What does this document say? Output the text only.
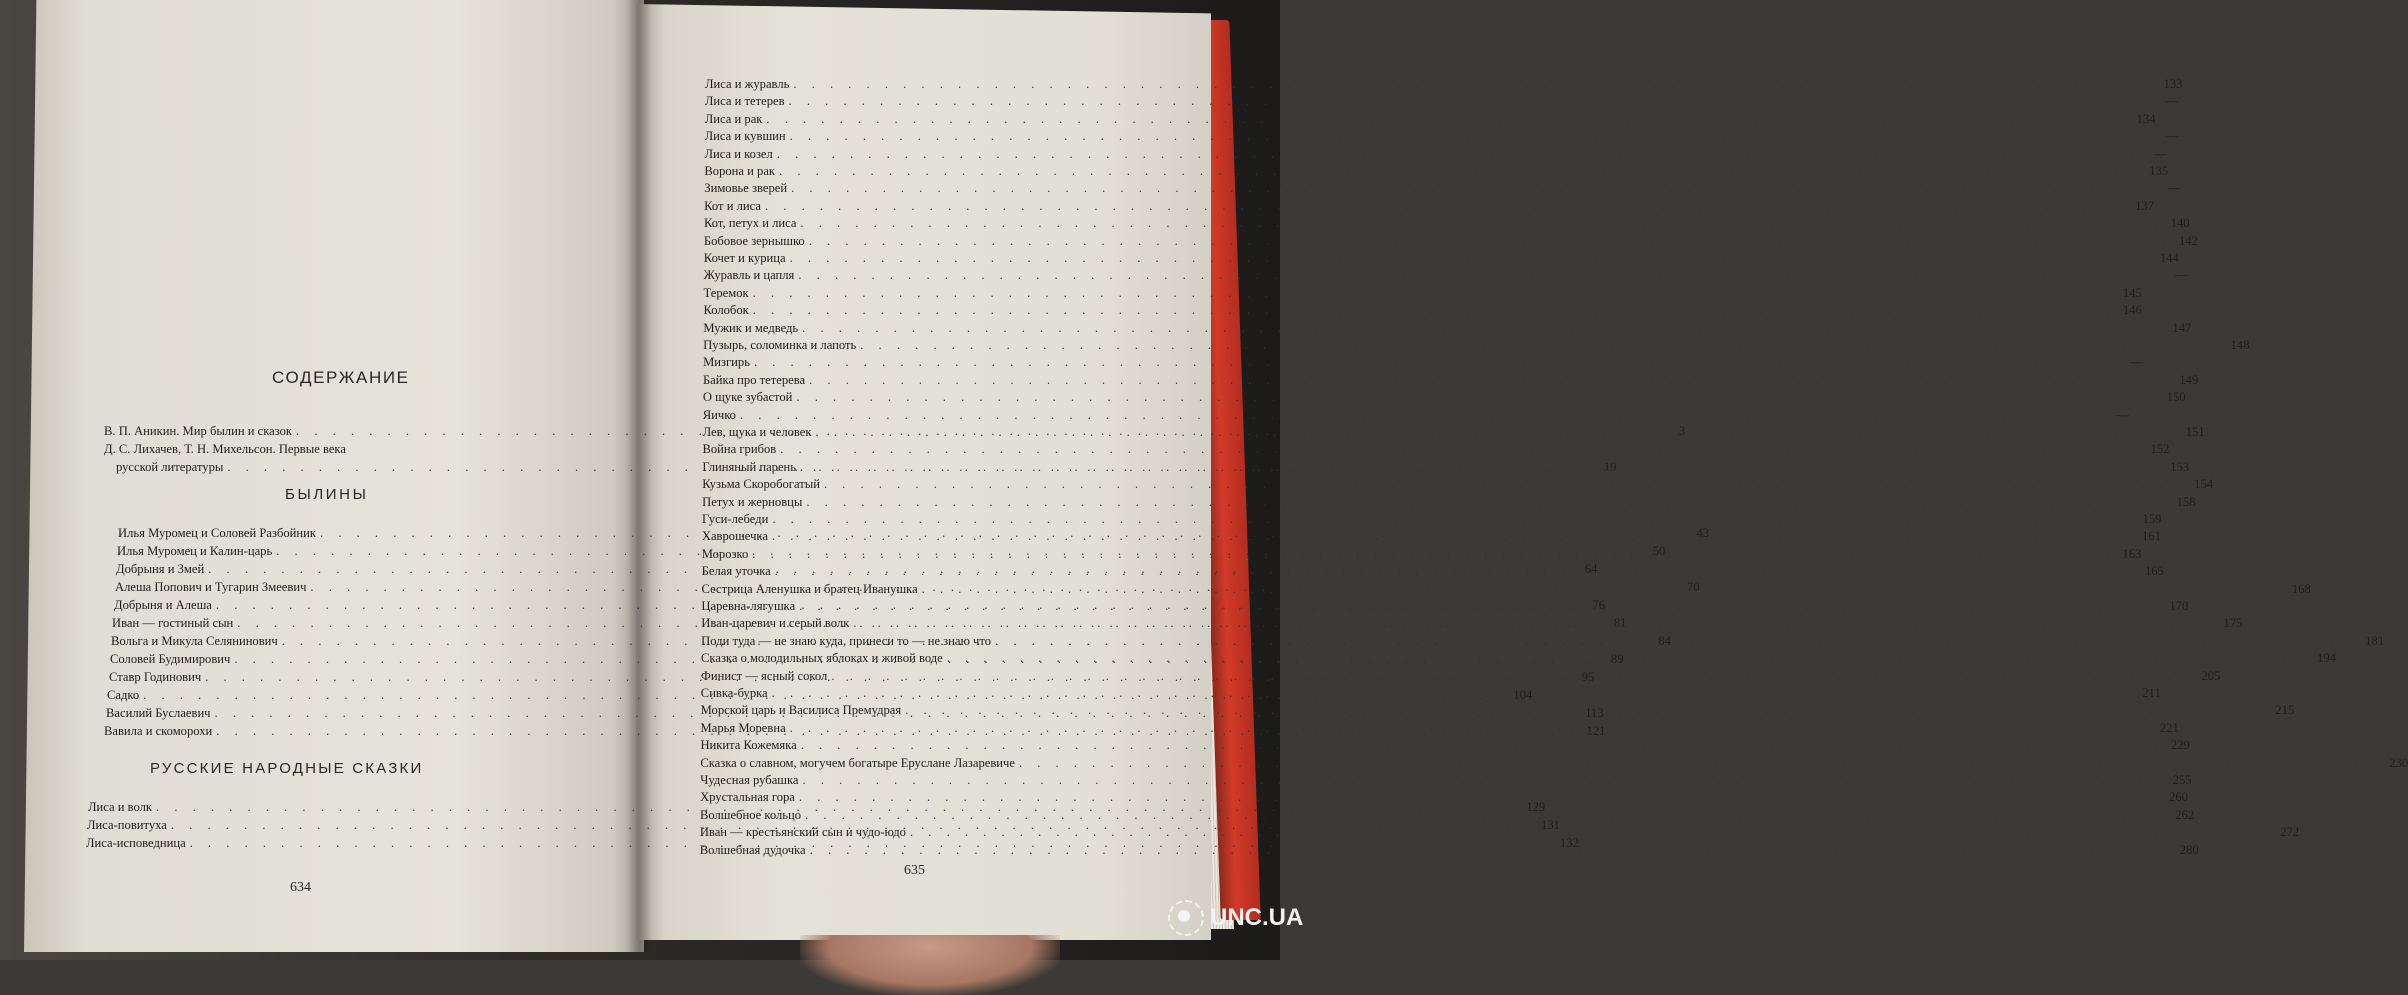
СОДЕРЖАНИЕ
В. П. Аникин. Мир былин и сказок . . .	3
Д. С. Лихачев, Т. Н. Михельсон. Первые века
русской литературы . . .	19
БЫЛИНЫ
Илья Муромец и Соловей Разбойник . . .	43
Илья Муромец и Калин-царь . . .	50
Добрыня и Змей . . .	64
Алеша Попович и Тугарин Змеевич . . .	70
Добрыня и Алеша . . .	76
Иван — гостиный сын . . .	81
Вольга и Микула Селянинович . . .	84
Соловей Будимирович . . .	89
Ставр Годинович . . .	95
Садко . . .	104
Василий Буслаевич . . .	113
Вавила и скоморохи . . .	121
РУССКИЕ НАРОДНЫЕ СКАЗКИ
Лиса и волк . . .	129
Лиса-повитуха . . .	131
Лиса-исповедница . . .	132
634
Лиса и журавль . . .	133
Лиса и тетерев . . .	—
Лиса и рак . . .	134
Лиса и кувшин . . .	—
Лиса и козел . . .	—
Ворона и рак . . .	135
Зимовье зверей . . .	—
Кот и лиса . . .	137
Кот, петух и лиса . . .	140
Бобовое зернышко . . .	142
Кочет и курица . . .	144
Журавль и цапля . . .	—
Теремок . . .	145
Колобок . . .	146
Мужик и медведь . . .	147
Пузырь, соломинка и лапоть . . .	148
Мизгирь . . .	—
Байка про тетерева . . .	149
О щуке зубастой . . .	150
Яичко . . .	—
Лев, щука и человек . . .	151
Война грибов . . .	152
Глиняный парень . . .	153
Кузьма Скоробогатый . . .	154
Петух и жерновцы . . .	158
Гуси-лебеди . . .	159
Хаврошечка . . .	161
Морозко . . .	163
Белая уточка . . .	165
Сестрица Аленушка и братец Иванушка . . .	168
Царевна-лягушка . . .	170
Иван-царевич и серый волк . . .	175
Поди туда — не знаю куда, принеси то — не знаю что . . .	181
Сказка о молодильных яблоках и живой воде . . .	194
Финист — ясный сокол . . .	205
Сивка-бурка . . .	211
Морской царь и Василиса Премудрая . . .	215
Марья Моревна . . .	221
Никита Кожемяка . . .	229
Сказка о славном, могучем богатыре Еруслане Лазаревиче . . .	230
Чудесная рубашка . . .	255
Хрустальная гора . . .	260
Волшебное кольцо . . .	262
Иван — крестьянский сын и чудо-юдо . . .	272
Волшебная дудочка . . .	280
635
UNC.UA
